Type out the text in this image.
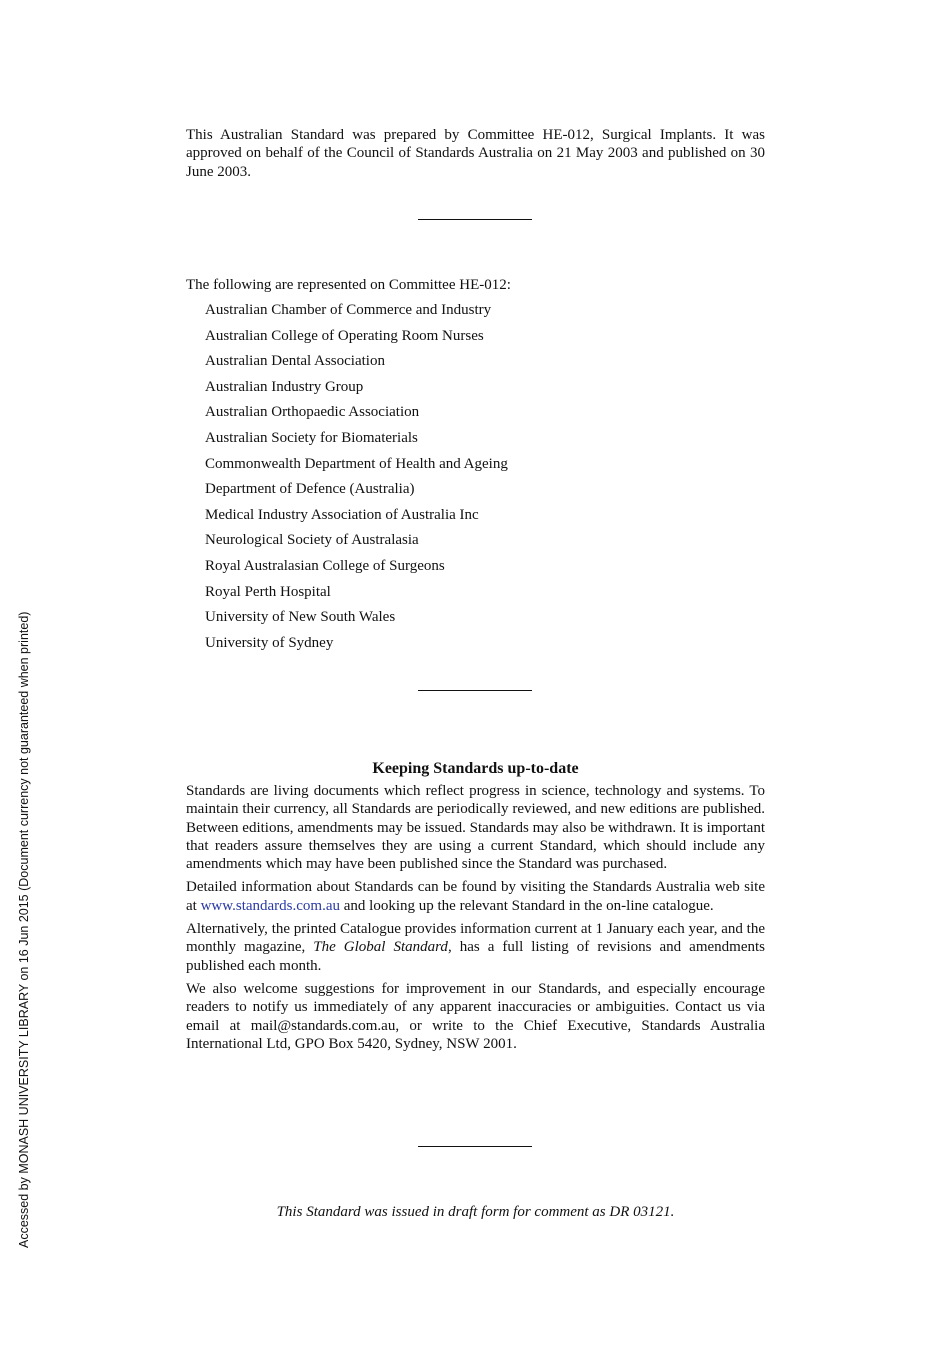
Accessed by MONASH UNIVERSITY LIBRARY on 16 Jun 2015 (Document currency not guaranteed when printed)
This Australian Standard was prepared by Committee HE-012, Surgical Implants. It was approved on behalf of the Council of Standards Australia on 21 May 2003 and published on 30 June 2003.
The following are represented on Committee HE-012:
Australian Chamber of Commerce and Industry
Australian College of Operating Room Nurses
Australian Dental Association
Australian Industry Group
Australian Orthopaedic Association
Australian Society for Biomaterials
Commonwealth Department of Health and Ageing
Department of Defence (Australia)
Medical Industry Association of Australia Inc
Neurological Society of Australasia
Royal Australasian College of Surgeons
Royal Perth Hospital
University of New South Wales
University of Sydney
Keeping Standards up-to-date

Standards are living documents which reflect progress in science, technology and systems. To maintain their currency, all Standards are periodically reviewed, and new editions are published. Between editions, amendments may be issued. Standards may also be withdrawn. It is important that readers assure themselves they are using a current Standard, which should include any amendments which may have been published since the Standard was purchased.

Detailed information about Standards can be found by visiting the Standards Australia web site at www.standards.com.au and looking up the relevant Standard in the on-line catalogue.

Alternatively, the printed Catalogue provides information current at 1 January each year, and the monthly magazine, The Global Standard, has a full listing of revisions and amendments published each month.

We also welcome suggestions for improvement in our Standards, and especially encourage readers to notify us immediately of any apparent inaccuracies or ambiguities. Contact us via email at mail@standards.com.au, or write to the Chief Executive, Standards Australia International Ltd, GPO Box 5420, Sydney, NSW 2001.

This Standard was issued in draft form for comment as DR 03121.
